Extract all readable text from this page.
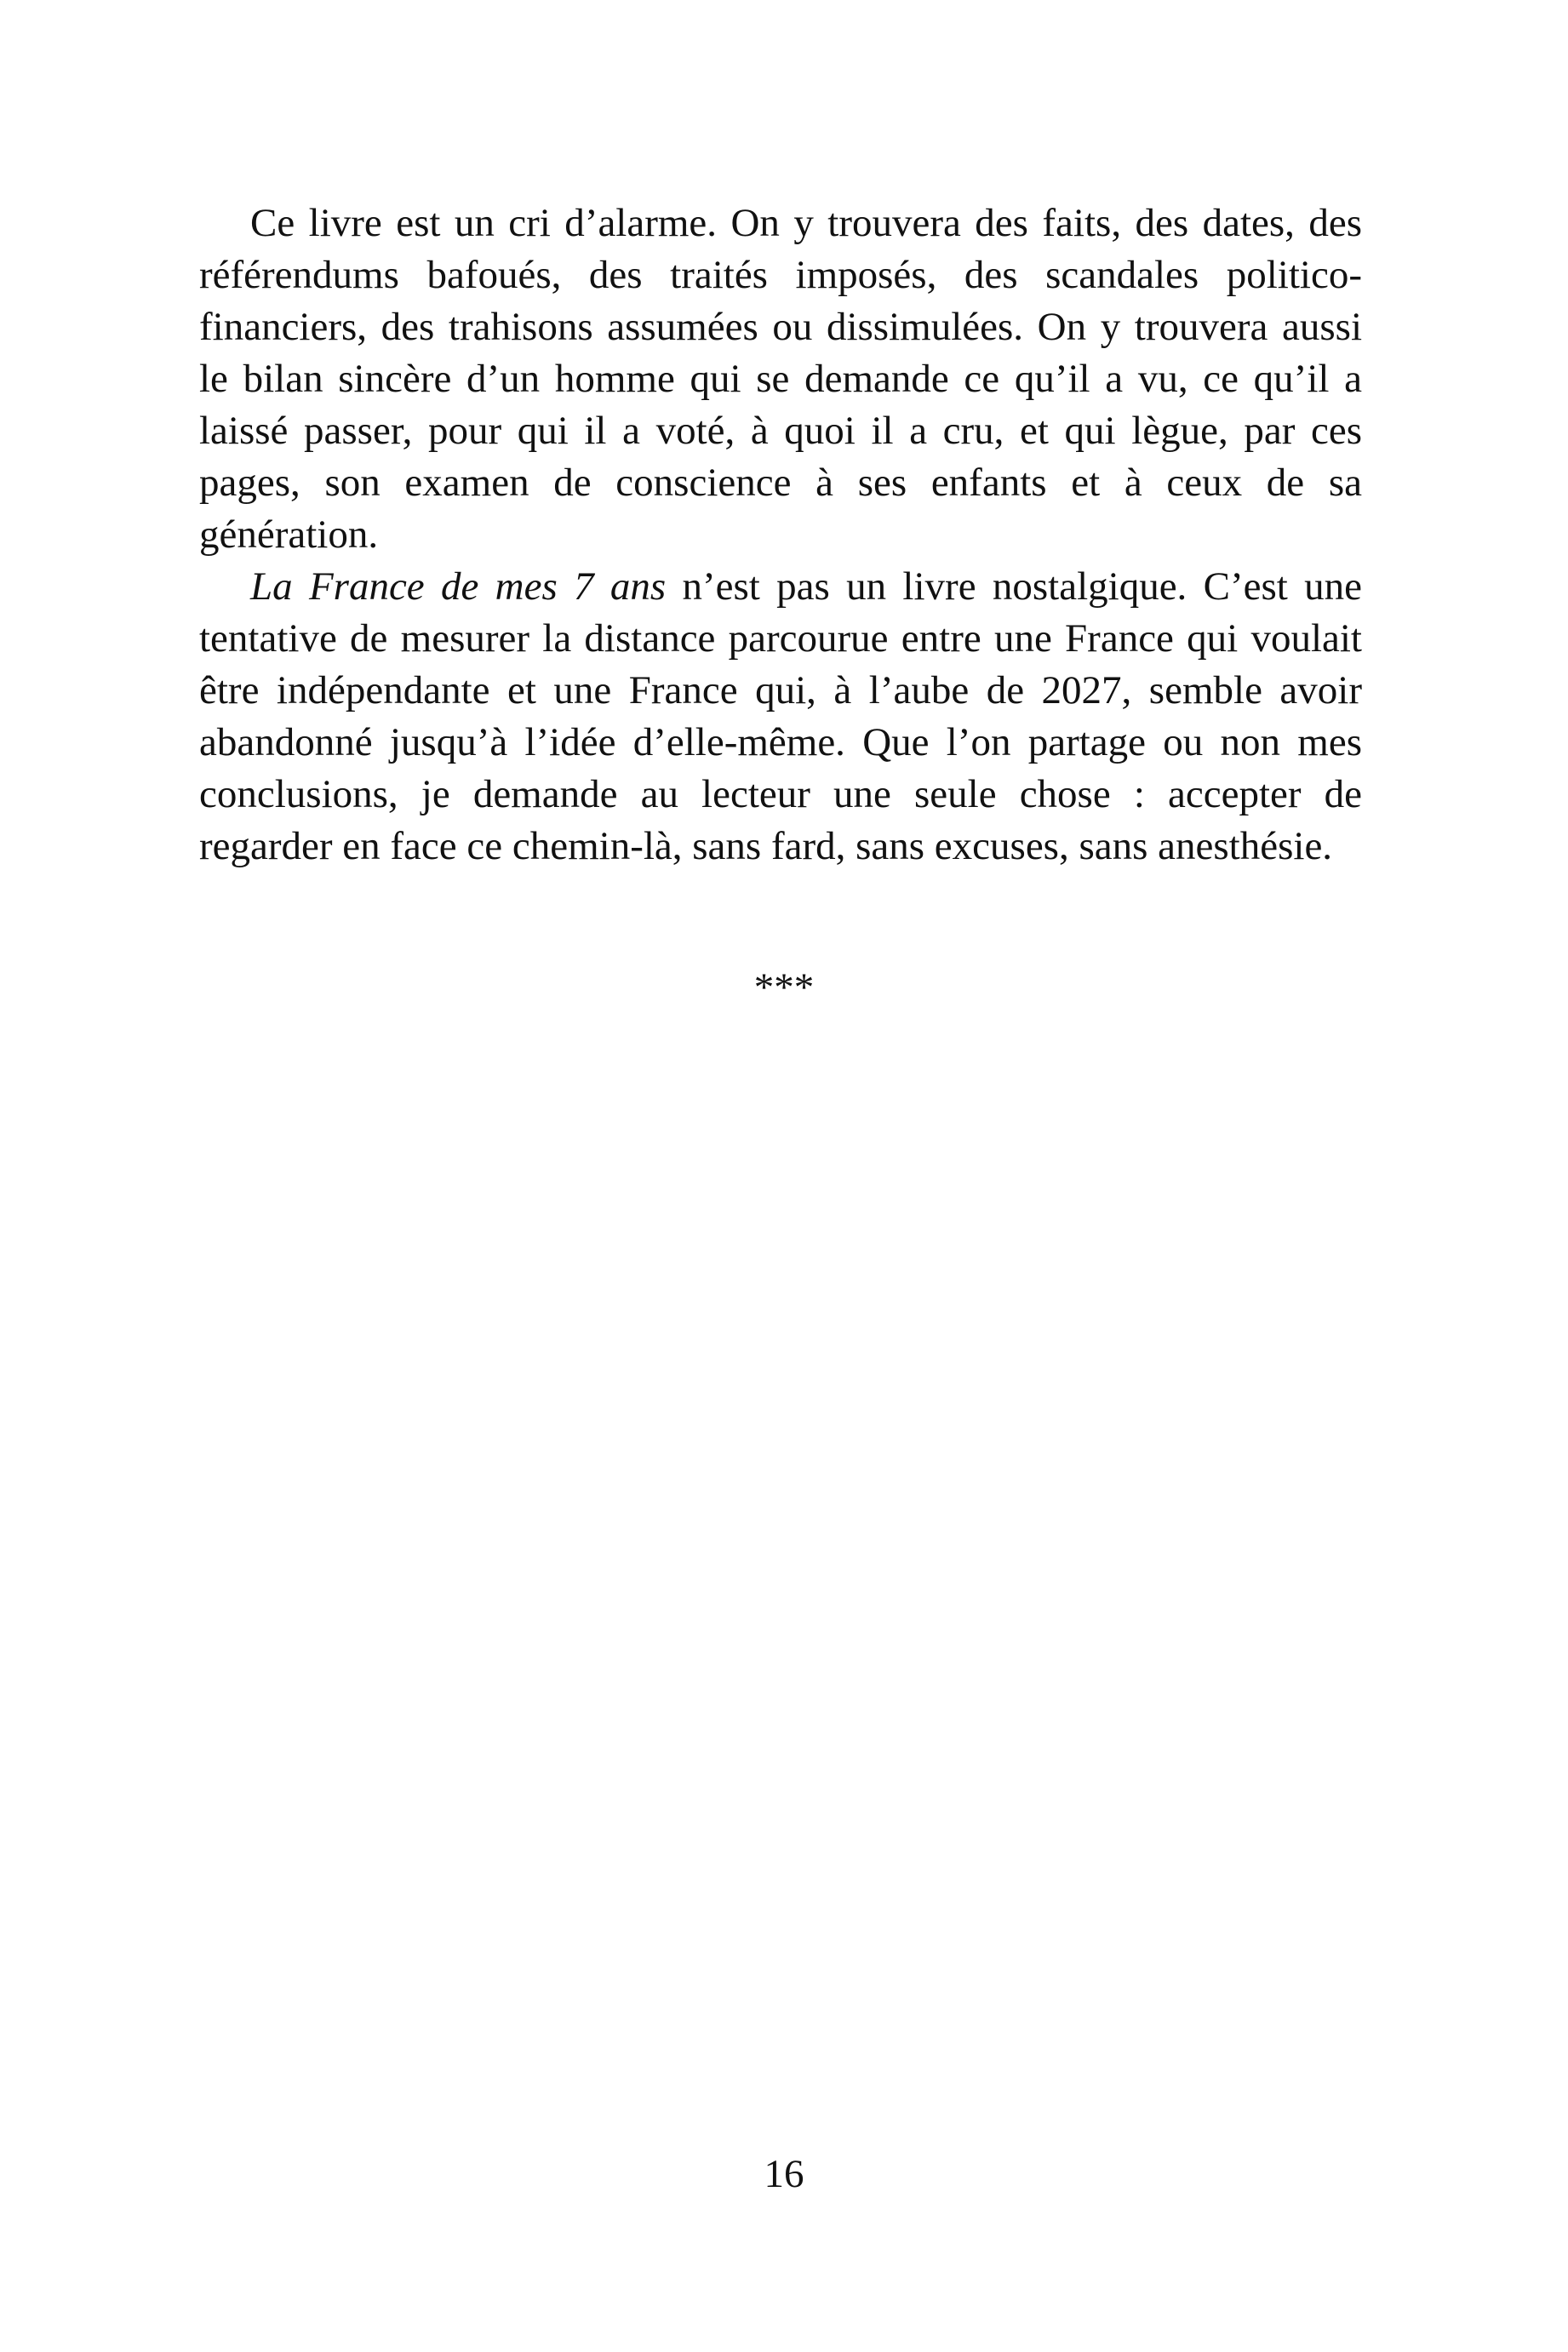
Ce livre est un cri d’alarme. On y trouvera des faits, des dates, des référendums bafoués, des traités imposés, des scandales politico-financiers, des trahisons assumées ou dissimulées. On y trouvera aussi le bilan sincère d’un homme qui se demande ce qu’il a vu, ce qu’il a laissé passer, pour qui il a voté, à quoi il a cru, et qui lègue, par ces pages, son examen de conscience à ses enfants et à ceux de sa génération.

La France de mes 7 ans n’est pas un livre nostalgique. C’est une tentative de mesurer la distance parcourue entre une France qui voulait être indépendante et une France qui, à l’aube de 2027, semble avoir abandonné jusqu’à l’idée d’elle-même. Que l’on partage ou non mes conclusions, je demande au lecteur une seule chose : accepter de regarder en face ce chemin-là, sans fard, sans excuses, sans anesthésie.

***
16
